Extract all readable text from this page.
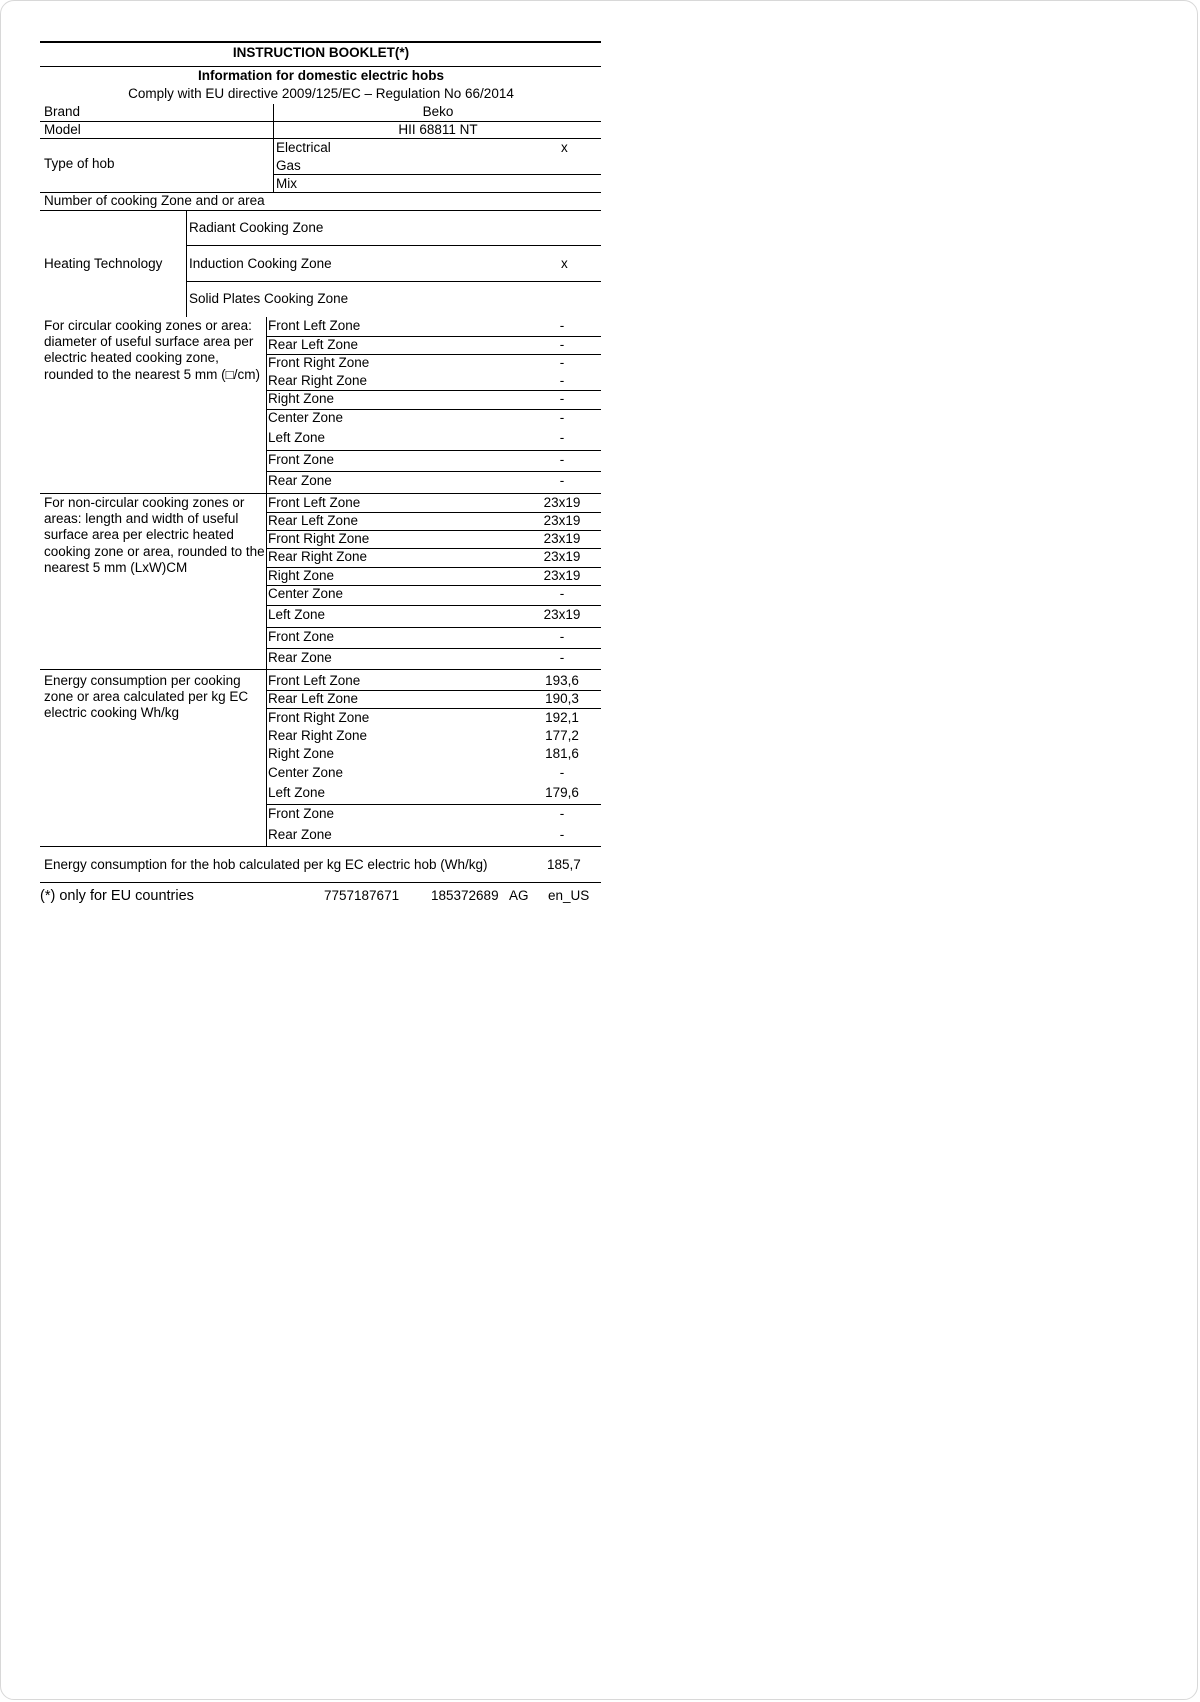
INSTRUCTION BOOKLET(*)
Information for domestic electric hobs
Comply with EU directive 2009/125/EC – Regulation No 66/2014
Brand	Beko
Model	HII 68811 NT
Type of hob
Electrical	x
Gas
Mix
Number of cooking Zone and or area
Heating Technology
Radiant Cooking Zone
Induction Cooking Zone	x
Solid Plates Cooking Zone
For circular cooking zones or area: diameter of useful surface area per electric heated cooking zone, rounded to the nearest 5 mm (□/cm)
Front Left Zone	-
Rear Left Zone	-
Front Right Zone	-
Rear Right Zone	-
Right Zone	-
Center Zone	-
Left Zone	-
Front Zone	-
Rear Zone	-
For non-circular cooking zones or areas: length and width of useful surface area per electric heated cooking zone or area, rounded to the nearest 5 mm (LxW)CM
Front Left Zone	23x19
Rear Left Zone	23x19
Front Right Zone	23x19
Rear Right Zone	23x19
Right Zone	23x19
Center Zone	-
Left Zone	23x19
Front Zone	-
Rear Zone	-
Energy consumption per cooking zone or area calculated per kg EC electric cooking Wh/kg
Front Left Zone	193,6
Rear Left Zone	190,3
Front Right Zone	192,1
Rear Right Zone	177,2
Right Zone	181,6
Center Zone	-
Left Zone	179,6
Front Zone	-
Rear Zone	-
Energy consumption for the hob calculated per kg EC electric hob (Wh/kg)	185,7
(*) only for EU countries	7757187671 185372689 AG en_US
